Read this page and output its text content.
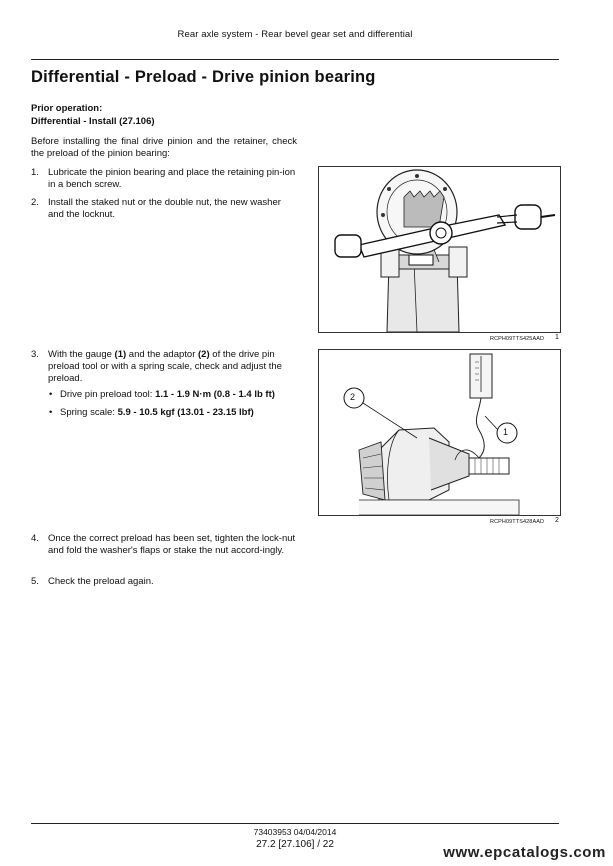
Rear axle system - Rear bevel gear set and differential
Differential - Preload - Drive pinion bearing
Prior operation:
Differential - Install (27.106)
Before installing the final drive pinion and the retainer, check the preload of the pinion bearing:
1. Lubricate the pinion bearing and place the retaining pin-ion in a bench screw.
2. Install the staked nut or the double nut, the new washer and the locknut.
3. With the gauge (1) and the adaptor (2) of the drive pin preload tool or with a spring scale, check and adjust the preload.
• Drive pin preload tool: 1.1 - 1.9 N·m (0.8 - 1.4 lb ft)
• Spring scale: 5.9 - 10.5 kgf (13.01 - 23.15 lbf)
4. Once the correct preload has been set, tighten the lock-nut and fold the washer's flaps or stake the nut accord-ingly.
5. Check the preload again.
RCPH09TTS425AAD 1
2
1
RCPH09TTS428AAD 2
73403953 04/04/2014
27.2 [27.106] / 22	www.epcatalogs.com
